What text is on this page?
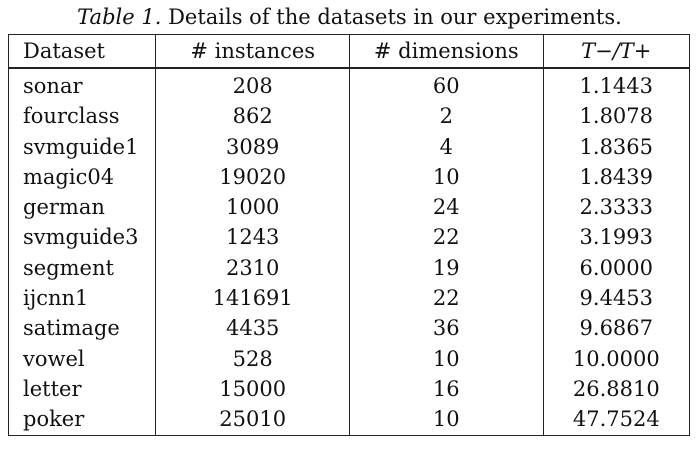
Table 1. Details of the datasets in our experiments.
Dataset	# instances	# dimensions	T−/T+
sonar	208	60	1.1443
fourclass	862	2	1.8078
svmguide1	3089	4	1.8365
magic04	19020	10	1.8439
german	1000	24	2.3333
svmguide3	1243	22	3.1993
segment	2310	19	6.0000
ijcnn1	141691	22	9.4453
satimage	4435	36	9.6867
vowel	528	10	10.0000
letter	15000	16	26.8810
poker	25010	10	47.7524
